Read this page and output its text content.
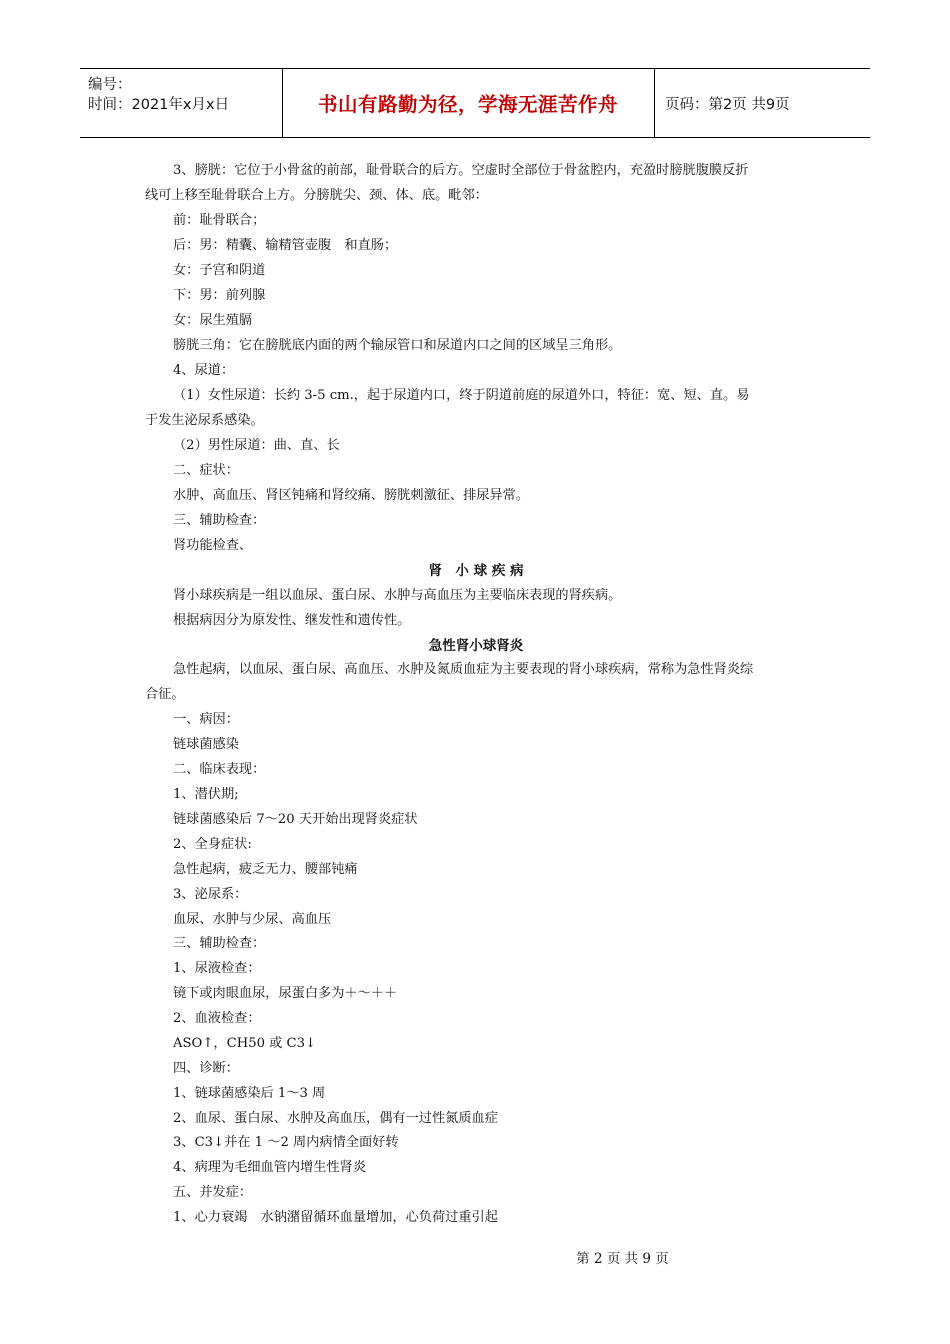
编号：
时间：2021年x月x日	书山有路勤为径，学海无涯苦作舟	页码：第2页 共9页
3、膀胱：它位于小骨盆的前部，耻骨联合的后方。空虚时全部位于骨盆腔内，充盈时膀胱腹膜反折
线可上移至耻骨联合上方。分膀胱尖、颈、体、底。毗邻：
前：耻骨联合；
后：男：精囊、输精管壶腹　和直肠；
女：子宫和阴道
下：男：前列腺
女：尿生殖膈
膀胱三角：它在膀胱底内面的两个输尿管口和尿道内口之间的区域呈三角形。
4、尿道：
（1）女性尿道：长约 3-5 cm.，起于尿道内口，终于阴道前庭的尿道外口，特征：宽、短、直。易
于发生泌尿系感染。
（2）男性尿道：曲、直、长
二、症状：
水肿、高血压、肾区钝痛和肾绞痛、膀胱刺激征、排尿异常。
三、辅助检查：
肾功能检查、
肾　小 球 疾 病
肾小球疾病是一组以血尿、蛋白尿、水肿与高血压为主要临床表现的肾疾病。
根据病因分为原发性、继发性和遗传性。
急性肾小球肾炎
急性起病，以血尿、蛋白尿、高血压、水肿及氮质血症为主要表现的肾小球疾病，常称为急性肾炎综
合征。
一、病因：
链球菌感染
二、临床表现：
1、潜伏期;
链球菌感染后 7～20 天开始出现肾炎症状
2、全身症状:
急性起病，疲乏无力、腰部钝痛
3、泌尿系：
血尿、水肿与少尿、高血压
三、辅助检查：
1、尿液检查：
镜下或肉眼血尿，尿蛋白多为＋～＋＋
2、血液检查：
ASO↑，CH50 或 C3↓
四、诊断：
1、链球菌感染后 1～3 周
2、血尿、蛋白尿、水肿及高血压，偶有一过性氮质血症
3、C3↓并在 1 ～2 周内病情全面好转
4、病理为毛细血管内增生性肾炎
五、并发症：
1、心力衰竭　水钠潴留循环血量增加，心负荷过重引起
第 2 页 共 9 页
